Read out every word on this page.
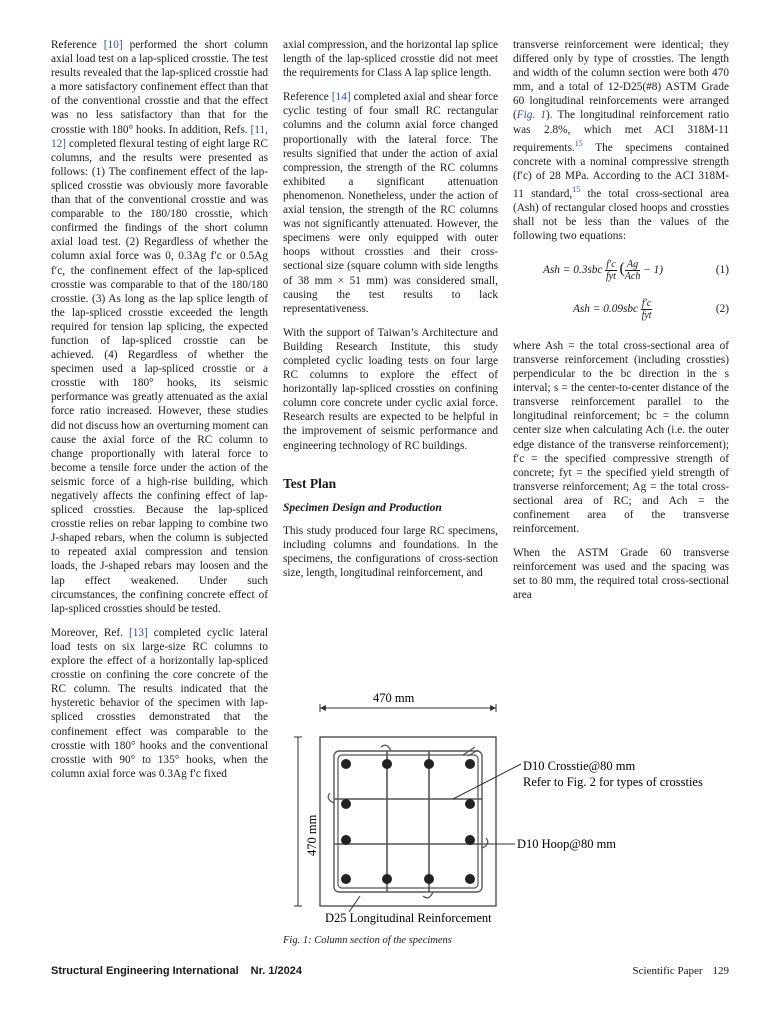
Reference [10] performed the short column axial load test on a lap-spliced crosstie. The test results revealed that the lap-spliced crosstie had a more satisfactory confinement effect than that of the conventional crosstie and that the effect was no less satisfactory than that for the crosstie with 180° hooks. In addition, Refs. [11, 12] completed flexural testing of eight large RC columns, and the results were presented as follows: (1) The confinement effect of the lap-spliced crosstie was obviously more favorable than that of the conventional crosstie and was comparable to the 180/180 crosstie, which confirmed the findings of the short column axial load test. (2) Regardless of whether the column axial force was 0, 0.3Ag f′c or 0.5Ag f′c, the confinement effect of the lap-spliced crosstie was comparable to that of the 180/180 crosstie. (3) As long as the lap splice length of the lap-spliced crosstie exceeded the length required for tension lap splicing, the expected function of lap-spliced crosstie can be achieved. (4) Regardless of whether the specimen used a lap-spliced crosstie or a crosstie with 180° hooks, its seismic performance was greatly attenuated as the axial force ratio increased. However, these studies did not discuss how an overturning moment can cause the axial force of the RC column to change proportionally with lateral force to become a tensile force under the action of the seismic force of a high-rise building, which negatively affects the confining effect of lap-spliced crossties. Because the lap-spliced crosstie relies on rebar lapping to combine two J-shaped rebars, when the column is subjected to repeated axial compression and tension loads, the J-shaped rebars may loosen and the lap effect weakened. Under such circumstances, the confining concrete effect of lap-spliced crossties should be tested.

Moreover, Ref. [13] completed cyclic lateral load tests on six large-size RC columns to explore the effect of a horizontally lap-spliced crosstie on confining the core concrete of the RC column. The results indicated that the hysteretic behavior of the specimen with lap-spliced crossties demonstrated that the confinement effect was comparable to the crosstie with 180° hooks and the conventional crosstie with 90° to 135° hooks, when the column axial force was 0.3Ag f′c fixed

axial compression, and the horizontal lap splice length of the lap-spliced crosstie did not meet the requirements for Class A lap splice length.

Reference [14] completed axial and shear force cyclic testing of four small RC rectangular columns and the column axial force changed proportionally with the lateral force. The results signified that under the action of axial compression, the strength of the RC columns exhibited a significant attenuation phenomenon. Nonetheless, under the action of axial tension, the strength of the RC columns was not significantly attenuated. However, the specimens were only equipped with outer hoops without crossties and their cross-sectional size (square column with side lengths of 38 mm × 51 mm) was considered small, causing the test results to lack representativeness.

With the support of Taiwan’s Architecture and Building Research Institute, this study completed cyclic loading tests on four large RC columns to explore the effect of horizontally lap-spliced crossties on confining column core concrete under cyclic axial force. Research results are expected to be helpful in the improvement of seismic performance and engineering technology of RC buildings.

Test Plan
Specimen Design and Production

This study produced four large RC specimens, including columns and foundations. In the specimens, the configurations of cross-section size, length, longitudinal reinforcement, and

transverse reinforcement were identical; they differed only by type of crossties. The length and width of the column section were both 470 mm, and a total of 12-D25(#8) ASTM Grade 60 longitudinal reinforcements were arranged (Fig. 1). The longitudinal reinforcement ratio was 2.8%, which met ACI 318M-11 requirements.$^{15}$ The specimens contained concrete with a nominal compressive strength (f′c) of 28 MPa. According to the ACI 318M-11 standard,$^{15}$ the total cross-sectional area (Ash) of rectangular closed hoops and crossties shall not be less than the values of the following two equations:

Ash = $0.3sbc \frac{f'c}{\text{fyt}}$ ( $\frac{Ag}{\text{Ach}} - 1$)	(1)
Ash = $0.09sbc \frac{f'c}{\text{fyt}}$	(2)

where Ash = the total cross-sectional area of transverse reinforcement (including crossties) perpendicular to the bc direction in the s interval; s = the center-to-center distance of the transverse reinforcement parallel to the longitudinal reinforcement; bc = the column center size when calculating Ach (i.e. the outer edge distance of the transverse reinforcement); f′c = the specified compressive strength of concrete; fyt = the specified yield strength of transverse reinforcement; Ag = the total cross-sectional area of RC; and Ach = the confinement area of the transverse reinforcement.

When the ASTM Grade 60 transverse reinforcement was used and the spacing was set to 80 mm, the required total cross-sectional area

470 mm
470 mm
D10 Crosstie@80 mm
Refer to Fig. 2 for types of crossties
D10 Hoop@80 mm
D25 Longitudinal Reinforcement
Fig. 1: Column section of the specimens
Structural Engineering International Nr. 1/2024	Scientific Paper 129
